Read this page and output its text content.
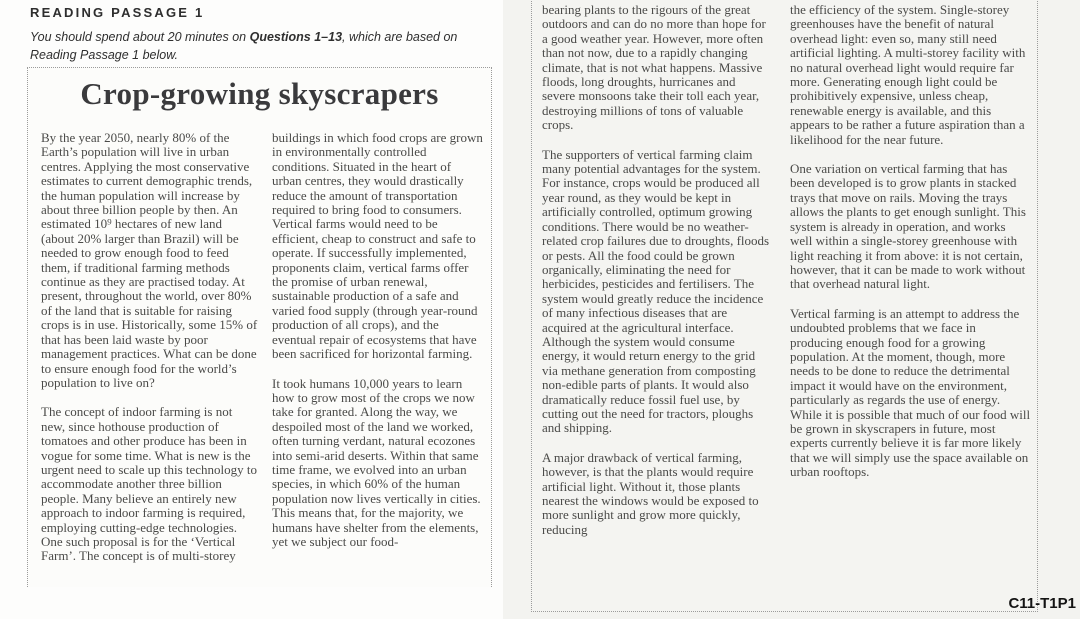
READING PASSAGE 1
You should spend about 20 minutes on Questions 1–13, which are based on Reading Passage 1 below.
Crop-growing skyscrapers

By the year 2050, nearly 80% of the Earth’s population will live in urban centres. Applying the most conservative estimates to current demographic trends, the human population will increase by about three billion people by then. An estimated 10⁹ hectares of new land (about 20% larger than Brazil) will be needed to grow enough food to feed them, if traditional farming methods continue as they are practised today. At present, throughout the world, over 80% of the land that is suitable for raising crops is in use. Historically, some 15% of that has been laid waste by poor management practices. What can be done to ensure enough food for the world’s population to live on?

The concept of indoor farming is not new, since hothouse production of tomatoes and other produce has been in vogue for some time. What is new is the urgent need to scale up this technology to accommodate another three billion people. Many believe an entirely new approach to indoor farming is required, employing cutting-edge technologies. One such proposal is for the ‘Vertical Farm’. The concept is of multi-storey

buildings in which food crops are grown in environmentally controlled conditions. Situated in the heart of urban centres, they would drastically reduce the amount of transportation required to bring food to consumers. Vertical farms would need to be efficient, cheap to construct and safe to operate. If successfully implemented, proponents claim, vertical farms offer the promise of urban renewal, sustainable production of a safe and varied food supply (through year-round production of all crops), and the eventual repair of ecosystems that have been sacrificed for horizontal farming.

It took humans 10,000 years to learn how to grow most of the crops we now take for granted. Along the way, we despoiled most of the land we worked, often turning verdant, natural ecozones into semi-arid deserts. Within that same time frame, we evolved into an urban species, in which 60% of the human population now lives vertically in cities. This means that, for the majority, we humans have shelter from the elements, yet we subject our food-

bearing plants to the rigours of the great outdoors and can do no more than hope for a good weather year. However, more often than not now, due to a rapidly changing climate, that is not what happens. Massive floods, long droughts, hurricanes and severe monsoons take their toll each year, destroying millions of tons of valuable crops.

The supporters of vertical farming claim many potential advantages for the system. For instance, crops would be produced all year round, as they would be kept in artificially controlled, optimum growing conditions. There would be no weather-related crop failures due to droughts, floods or pests. All the food could be grown organically, eliminating the need for herbicides, pesticides and fertilisers. The system would greatly reduce the incidence of many infectious diseases that are acquired at the agricultural interface. Although the system would consume energy, it would return energy to the grid via methane generation from composting non-edible parts of plants. It would also dramatically reduce fossil fuel use, by cutting out the need for tractors, ploughs and shipping.

A major drawback of vertical farming, however, is that the plants would require artificial light. Without it, those plants nearest the windows would be exposed to more sunlight and grow more quickly, reducing

the efficiency of the system. Single-storey greenhouses have the benefit of natural overhead light: even so, many still need artificial lighting. A multi-storey facility with no natural overhead light would require far more. Generating enough light could be prohibitively expensive, unless cheap, renewable energy is available, and this appears to be rather a future aspiration than a likelihood for the near future.

One variation on vertical farming that has been developed is to grow plants in stacked trays that move on rails. Moving the trays allows the plants to get enough sunlight. This system is already in operation, and works well within a single-storey greenhouse with light reaching it from above: it is not certain, however, that it can be made to work without that overhead natural light.

Vertical farming is an attempt to address the undoubted problems that we face in producing enough food for a growing population. At the moment, though, more needs to be done to reduce the detrimental impact it would have on the environment, particularly as regards the use of energy. While it is possible that much of our food will be grown in skyscrapers in future, most experts currently believe it is far more likely that we will simply use the space available on urban rooftops.

C11-T1P1
